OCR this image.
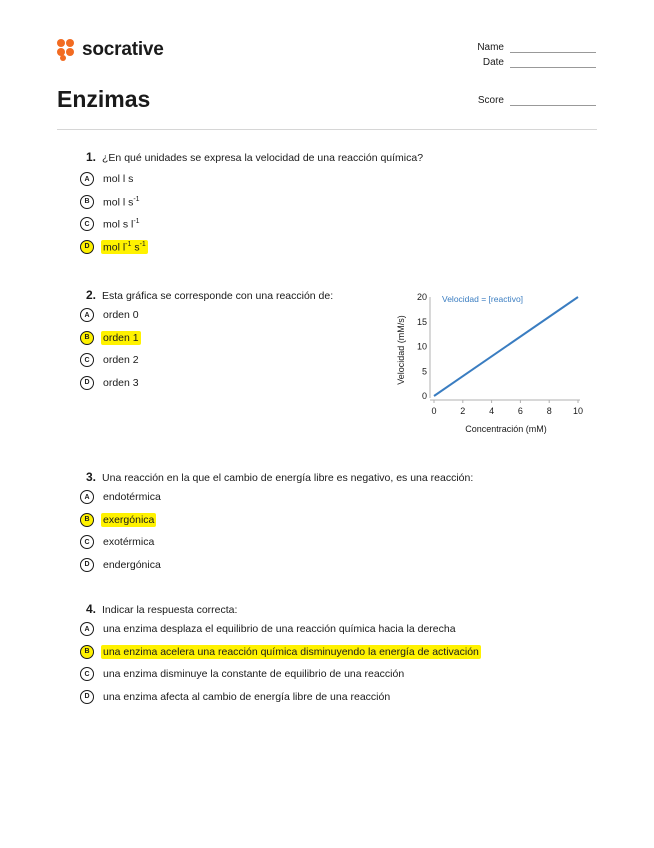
socrative	Name
Date
Score
Enzimas
1. ¿En qué unidades se expresa la velocidad de una reacción química?
A	mol l s
B	mol l $s^{-1}$
C	mol s $l^{-1}$
D	mol $l^{-1}$ $s^{-1}$
2. Esta gráfica se corresponde con una reacción de:
A	orden 0
B	orden 1
C	orden 2
D	orden 3
0
5
10
15
20
0	2	4	6	8 10
Velocidad = [reactivo]
Velocidad (mM/s)
Concentración (mM)
3. Una reacción en la que el cambio de energía libre es negativo, es una reacción:
A	endotérmica
B	exergónica
C	exotérmica
D	endergónica
4. Indicar la respuesta correcta:
A	una enzima desplaza el equilibrio de una reacción química hacia la derecha
B	una enzima acelera una reacción química disminuyendo la energía de activación
C	una enzima disminuye la constante de equilibrio de una reacción
D	una enzima afecta al cambio de energía libre de una reacción
